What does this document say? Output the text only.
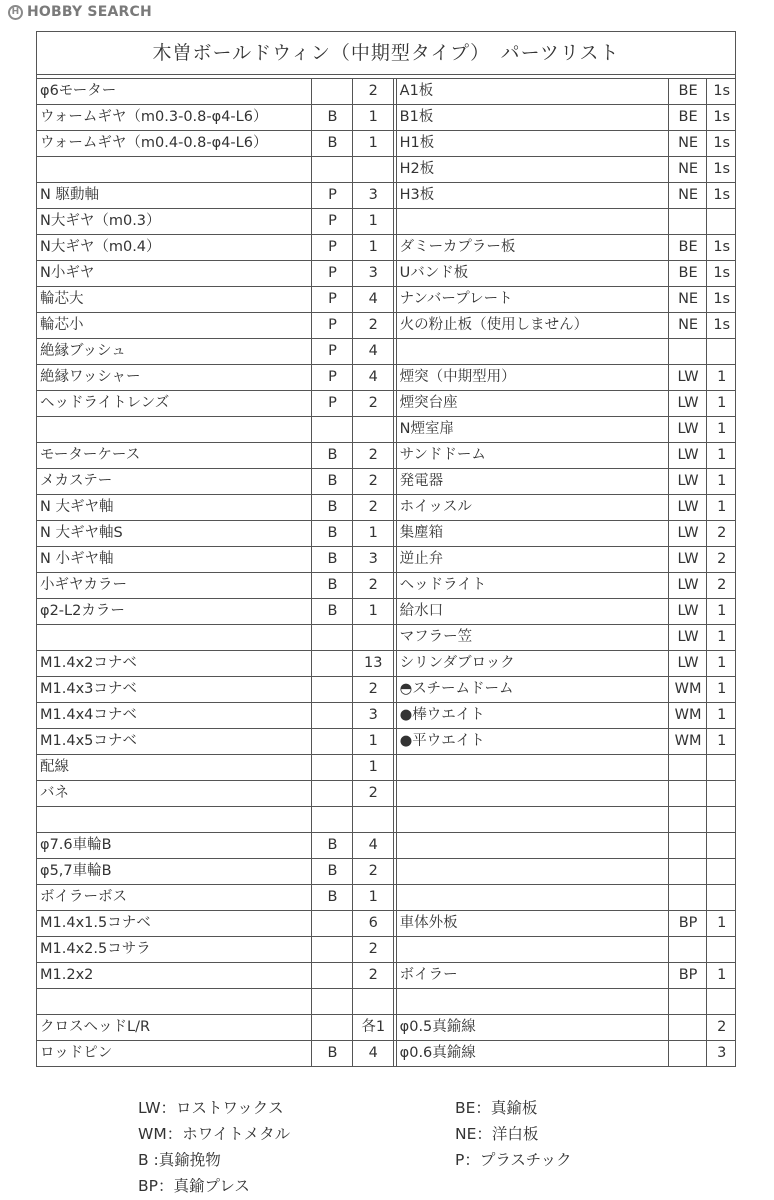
H HOBBY SEARCH
木曽ボールドウィン（中期型タイプ）　パーツリスト
φ6モーター		2		A1板	BE	1s
ウォームギヤ（m0.3-0.8-φ4-L6）	B	1		B1板	BE	1s
ウォームギヤ（m0.4-0.8-φ4-L6）	B	1		H1板	NE	1s
				H2板	NE	1s
N 駆動軸	P	3		H3板	NE	1s
N大ギヤ（m0.3）	P	1				
N大ギヤ（m0.4）	P	1		ダミーカプラー板	BE	1s
N小ギヤ	P	3		Uバンド板	BE	1s
輪芯大	P	4		ナンバープレート	NE	1s
輪芯小	P	2		火の粉止板（使用しません）	NE	1s
絶縁ブッシュ	P	4				
絶縁ワッシャー	P	4		煙突（中期型用）	LW	1
ヘッドライトレンズ	P	2		煙突台座	LW	1
				N煙室扉	LW	1
モーターケース	B	2		サンドドーム	LW	1
メカステー	B	2		発電器	LW	1
N 大ギヤ軸	B	2		ホイッスル	LW	1
N 大ギヤ軸S	B	1		集塵箱	LW	2
N 小ギヤ軸	B	3		逆止弁	LW	2
小ギヤカラー	B	2		ヘッドライト	LW	2
φ2-L2カラー	B	1		給水口	LW	1
				マフラー笠	LW	1
M1.4x2コナベ		13		シリンダブロック	LW	1
M1.4x3コナベ		2		◓スチームドーム	WM	1
M1.4x4コナベ		3		●棒ウエイト	WM	1
M1.4x5コナベ		1		●平ウエイト	WM	1
配線		1				
バネ		2				

φ7.6車輪B	B	4				
φ5,7車輪B	B	2				
ボイラーボス	B	1				
M1.4x1.5コナベ		6		車体外板	BP	1
M1.4x2.5コサラ		2				
M1.2x2		2		ボイラー	BP	1

クロスヘッドL/R		各1		φ0.5真鍮線		2
ロッドピン	B	4		φ0.6真鍮線		3
LW：ロストワックス
WM：ホワイトメタル
B :真鍮挽物
BP：真鍮プレス
BE：真鍮板
NE：洋白板
P：プラスチック
